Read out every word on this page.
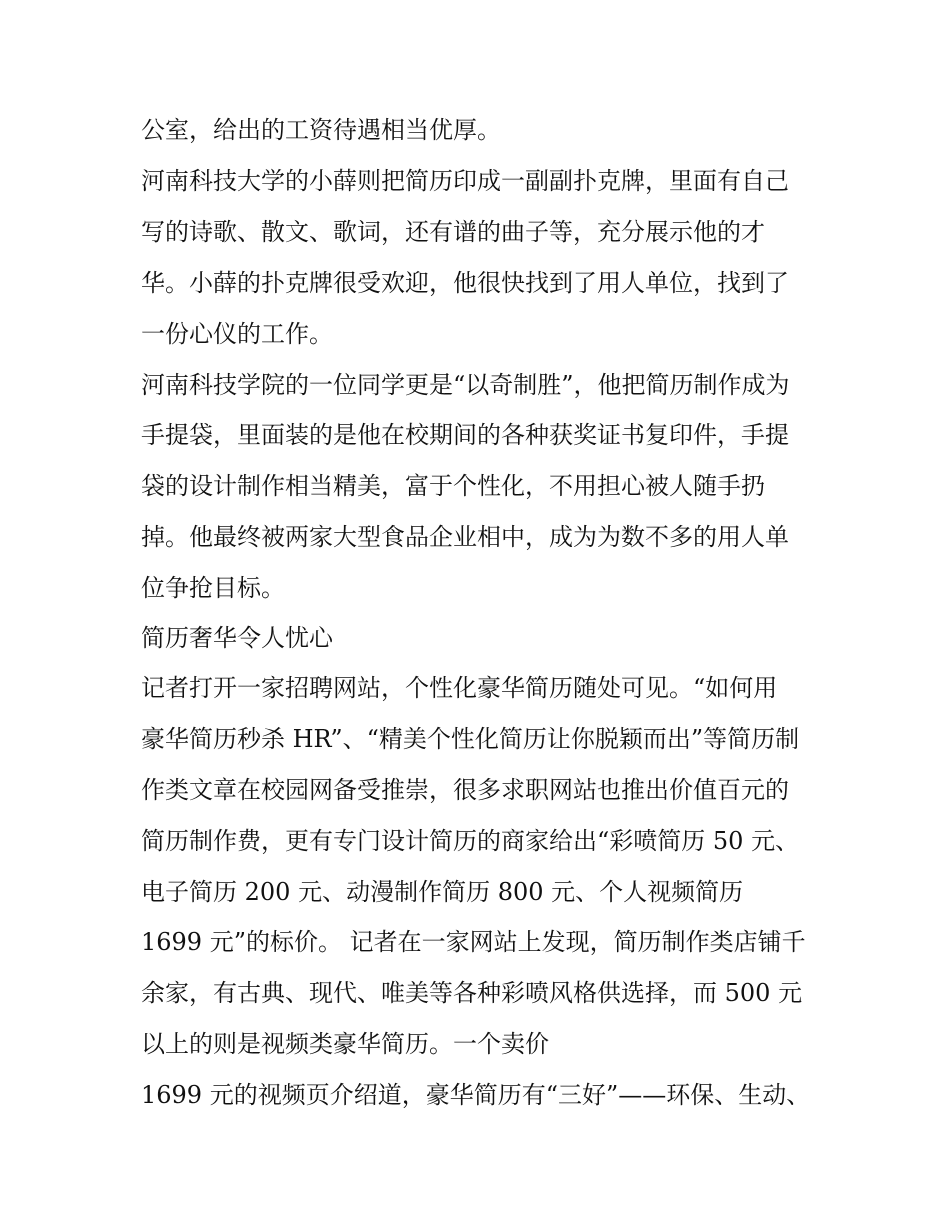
公室，给出的工资待遇相当优厚。
河南科技大学的小薛则把简历印成一副副扑克牌，里面有自己
写的诗歌、散文、歌词，还有谱的曲子等，充分展示他的才
华。小薛的扑克牌很受欢迎，他很快找到了用人单位，找到了
一份心仪的工作。
河南科技学院的一位同学更是“以奇制胜”，他把简历制作成为
手提袋，里面装的是他在校期间的各种获奖证书复印件，手提
袋的设计制作相当精美，富于个性化，不用担心被人随手扔
掉。他最终被两家大型食品企业相中，成为为数不多的用人单
位争抢目标。
简历奢华令人忧心
记者打开一家招聘网站，个性化豪华简历随处可见。“如何用
豪华简历秒杀 HR”、“精美个性化简历让你脱颖而出”等简历制
作类文章在校园网备受推崇，很多求职网站也推出价值百元的
简历制作费，更有专门设计简历的商家给出“彩喷简历 50 元、
电子简历 200 元、动漫制作简历 800 元、个人视频简历
1699 元”的标价。 记者在一家网站上发现，简历制作类店铺千
余家，有古典、现代、唯美等各种彩喷风格供选择，而 500 元
以上的则是视频类豪华简历。一个卖价
1699 元的视频页介绍道，豪华简历有“三好”——环保、生动、
